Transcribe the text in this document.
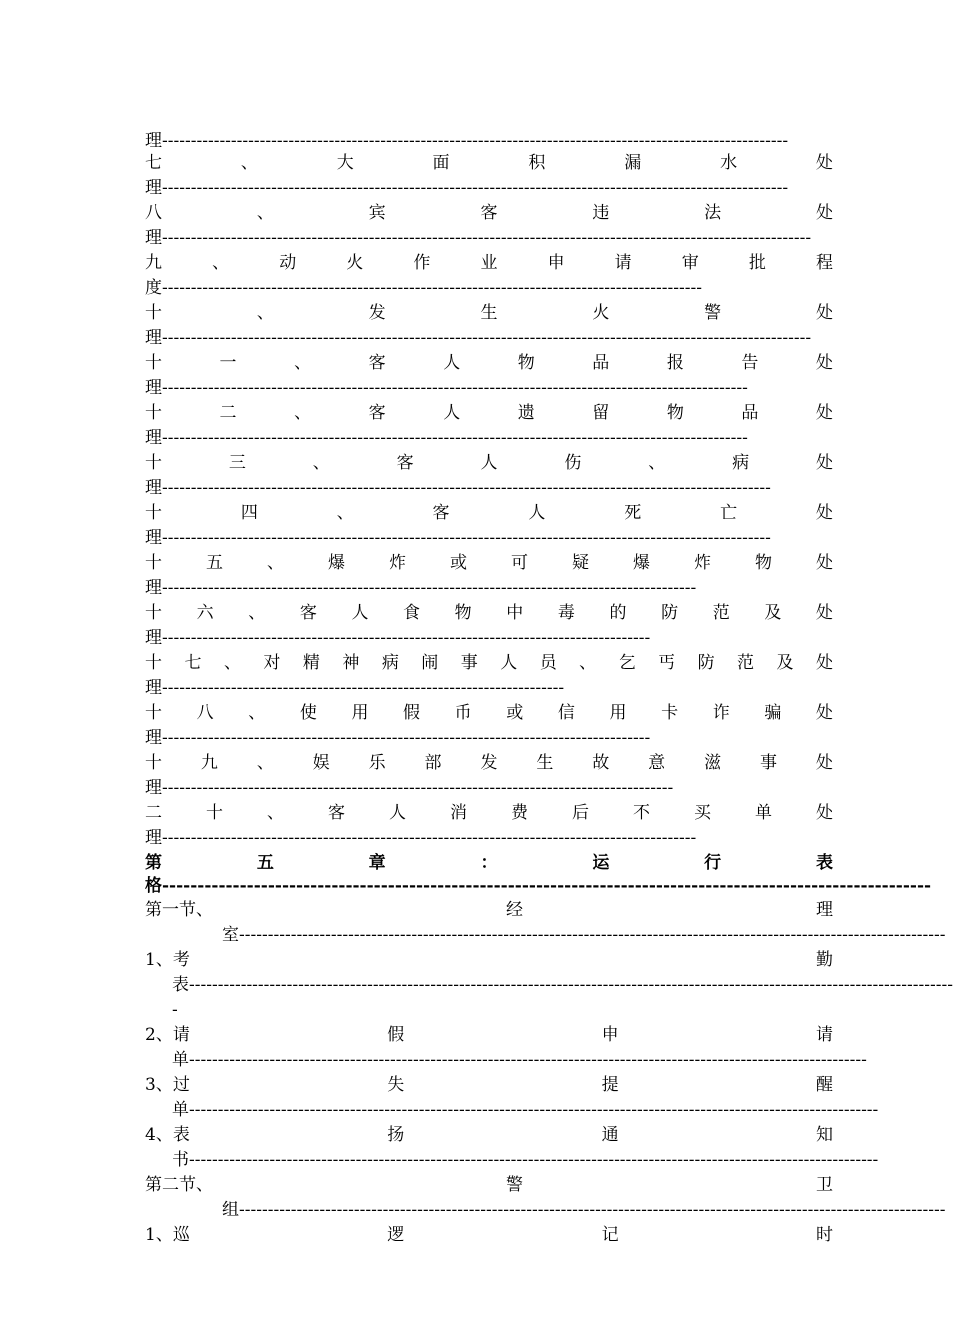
理 -------------------------------------------------------------------------------------------------------------
七	、	大	面	积	漏	水	处
理 -------------------------------------------------------------------------------------------------------------
八	、	宾	客	违	法	处
理 -----------------------------------------------------------------------------------------------------------------
九	、	动	火	作	业	申	请	审	批	程
度 ----------------------------------------------------------------------------------------------
十	、	发	生	火	警	处
理 -----------------------------------------------------------------------------------------------------------------
十	一	、	客	人	物	品	报	告	处
理 ------------------------------------------------------------------------------------------------------
十	二	、	客	人	遗	留	物	品	处
理 ------------------------------------------------------------------------------------------------------
十	三	、	客	人	伤	、	病	处
理 ----------------------------------------------------------------------------------------------------------
十	四	、	客	人	死	亡	处
理 ----------------------------------------------------------------------------------------------------------
十	五	、	爆	炸	或	可	疑	爆	炸	物	处
理 ---------------------------------------------------------------------------------------------
十 六 、 客 人 食 物 中 毒 的 防 范 及 处
理 -------------------------------------------------------------------------------------
十 七 、 对 精 神 病 闹 事 人 员 、 乞 丐 防 范 及 处
理 ----------------------------------------------------------------------
十 八 、 使 用 假 币 或 信 用 卡 诈 骗 处
理 -------------------------------------------------------------------------------------
十 九 、 娱 乐 部 发 生 故 意 滋 事 处
理 -----------------------------------------------------------------------------------------
二	十	、	客	人	消	费	后	不	买	单	处
理 ---------------------------------------------------------------------------------------------
第	五	章	：	运	行	表
格 -------------------------------------------------------------------------------------------------------------
第一节、	经	理
室 ---------------------------------------------------------------------------------------------------------------------------
1、考	勤
表 -------------------------------------------------------------------------------------------------------------------------------------
-
2、请	假	申	请
单 ----------------------------------------------------------------------------------------------------------------------
3、过	失	提	醒
单 ------------------------------------------------------------------------------------------------------------------------
4、表	扬	通	知
书 ------------------------------------------------------------------------------------------------------------------------
第二节、	警	卫
组 ---------------------------------------------------------------------------------------------------------------------------
1、巡	逻	记	时
